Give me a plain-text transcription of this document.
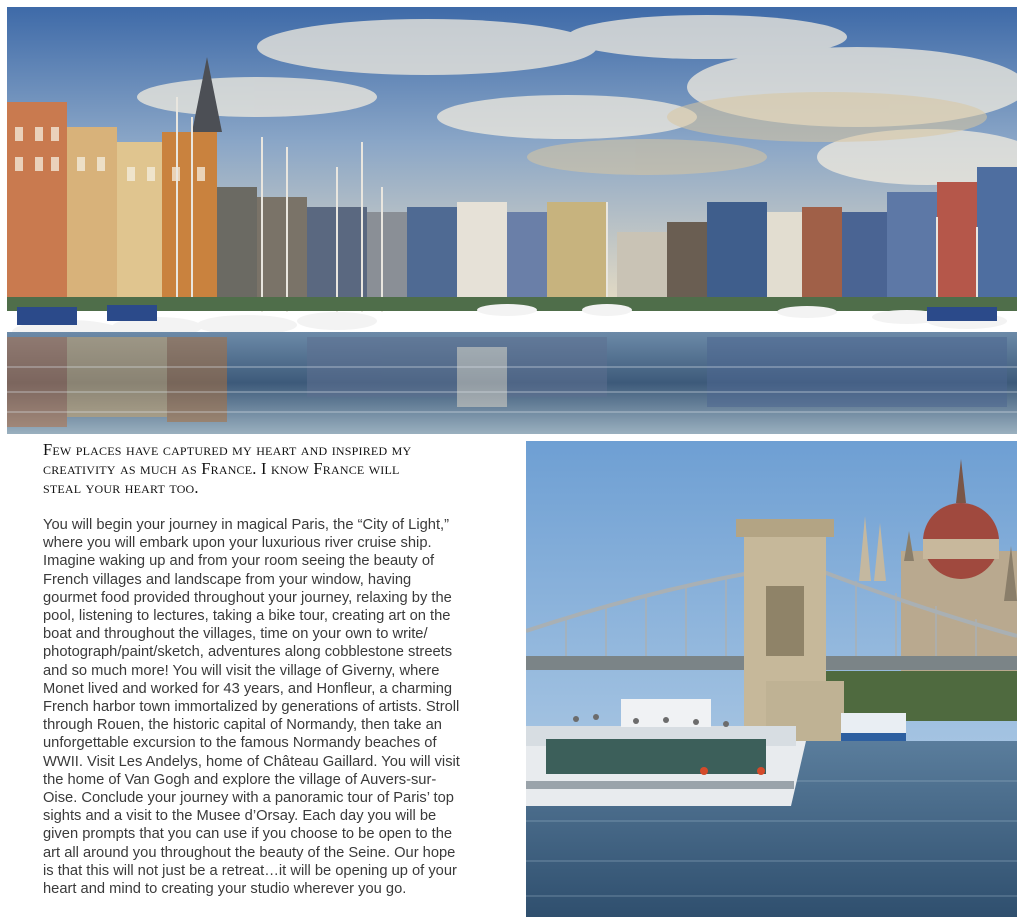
Few places have captured my heart and inspired my
creativity as much as France. I know France will
steal your heart too.

You will begin your journey in magical Paris, the “City of Light,”
where you will embark upon your luxurious river cruise ship.
Imagine waking up and from your room seeing the beauty of
French villages and landscape from your window, having
gourmet food provided throughout your journey, relaxing by the
pool, listening to lectures, taking a bike tour, creating art on the
boat and throughout the villages, time on your own to write/
photograph/paint/sketch, adventures along cobblestone streets
and so much more! You will visit the village of Giverny, where
Monet lived and worked for 43 years, and Honfleur, a charming
French harbor town immortalized by generations of artists. Stroll
through Rouen, the historic capital of Normandy, then take an
unforgettable excursion to the famous Normandy beaches of
WWII. Visit Les Andelys, home of Château Gaillard. You will visit
the home of Van Gogh and explore the village of Auvers-sur-
Oise. Conclude your journey with a panoramic tour of Paris’ top
sights and a visit to the Musee d’Orsay. Each day you will be
given prompts that you can use if you choose to be open to the
art all around you throughout the beauty of the Seine. Our hope
is that this will not just be a retreat…it will be opening up of your
heart and mind to creating your studio wherever you go.
